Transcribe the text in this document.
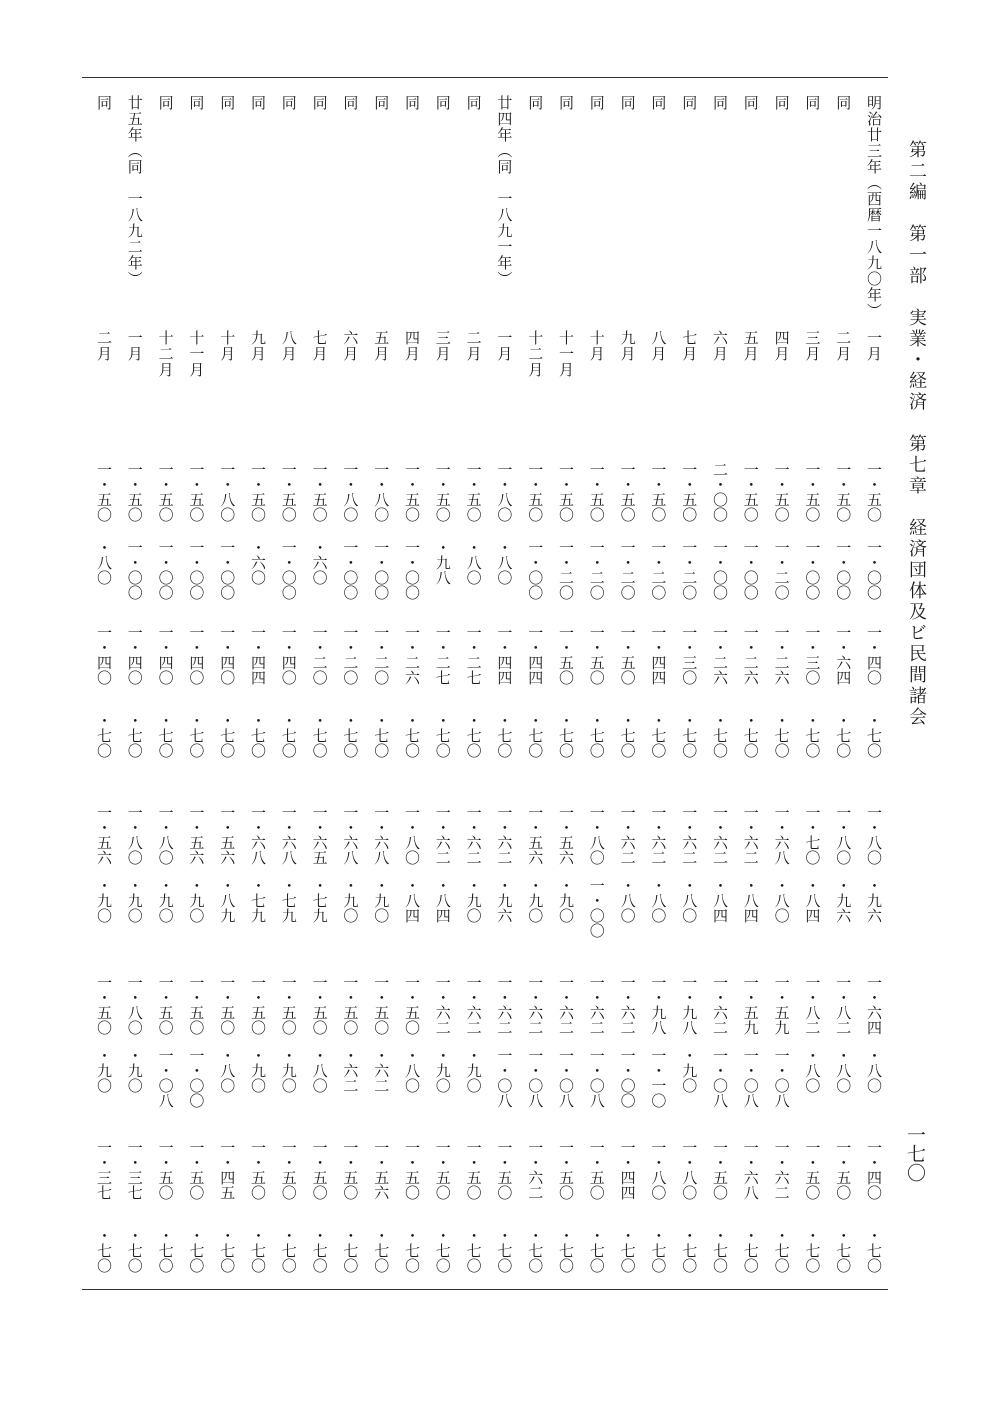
第二編　第一部　実業・経済　第七章　経済団体及ビ民間諸会
一七〇
明治廿三年（西暦一八九〇年）
一月
一・五〇
一・〇〇
一・四〇
・七〇
一・八〇
・九六
一・六四
・八〇
一・四〇
・七〇
同
二月
一・五〇
一・〇〇
一・六四
・七〇
一・八〇
・九六
一・八二
・八〇
一・五〇
・七〇
同
三月
一・五〇
一・〇〇
一・三〇
・七〇
一・七〇
・八四
一・八二
・八〇
一・五〇
・七〇
同
四月
一・五〇
一・二〇
一・二六
・七〇
一・六八
・八〇
一・五九
一・〇八
一・六二
・七〇
同
五月
一・五〇
一・〇〇
一・二六
・七〇
一・六二
・八四
一・五九
一・〇八
一・六八
・七〇
同
六月
二・〇〇
一・〇〇
一・二六
・七〇
一・六二
・八四
一・六二
一・〇八
一・五〇
・七〇
同
七月
一・五〇
一・二〇
一・三〇
・七〇
一・六二
・八〇
一・九八
・九〇
一・八〇
・七〇
同
八月
一・五〇
一・二〇
一・四四
・七〇
一・六二
・八〇
一・九八
一・一〇
一・八〇
・七〇
同
九月
一・五〇
一・二〇
一・五〇
・七〇
一・六二
・八〇
一・六二
一・〇〇
一・四四
・七〇
同
十月
一・五〇
一・二〇
一・五〇
・七〇
一・八〇
一・〇〇
一・六二
一・〇八
一・五〇
・七〇
同
十一月
一・五〇
一・二〇
一・五〇
・七〇
一・五六
・九〇
一・六二
一・〇八
一・五〇
・七〇
同
十二月
一・五〇
一・〇〇
一・四四
・七〇
一・五六
・九〇
一・六二
一・〇八
一・六二
・七〇
廿四年（同　一八九一年）
一月
一・八〇
・八〇
一・四四
・七〇
一・六二
・九六
一・六二
一・〇八
一・五〇
・七〇
同
二月
一・五〇
・八〇
一・二七
・七〇
一・六二
・九〇
一・六二
・九〇
一・五〇
・七〇
同
三月
一・五〇
・九八
一・二七
・七〇
一・六二
・八四
一・六二
・九〇
一・五〇
・七〇
同
四月
一・五〇
一・〇〇
一・二六
・七〇
一・八〇
・八四
一・五〇
・八〇
一・五〇
・七〇
同
五月
一・八〇
一・〇〇
一・二〇
・七〇
一・六八
・九〇
一・五〇
・六二
一・五六
・七〇
同
六月
一・八〇
一・〇〇
一・二〇
・七〇
一・六八
・九〇
一・五〇
・六二
一・五〇
・七〇
同
七月
一・五〇
・六〇
一・二〇
・七〇
一・六五
・七九
一・五〇
・八〇
一・五〇
・七〇
同
八月
一・五〇
一・〇〇
一・四〇
・七〇
一・六八
・七九
一・五〇
・九〇
一・五〇
・七〇
同
九月
一・五〇
・六〇
一・四四
・七〇
一・六八
・七九
一・五〇
・九〇
一・五〇
・七〇
同
十月
一・八〇
一・〇〇
一・四〇
・七〇
一・五六
・八九
一・五〇
・八〇
一・四五
・七〇
同
十一月
一・五〇
一・〇〇
一・四〇
・七〇
一・五六
・九〇
一・五〇
一・〇〇
一・五〇
・七〇
同
十二月
一・五〇
一・〇〇
一・四〇
・七〇
一・八〇
・九〇
一・五〇
一・〇八
一・五〇
・七〇
廿五年（同　一八九二年）
一月
一・五〇
一・〇〇
一・四〇
・七〇
一・八〇
・九〇
一・八〇
・九〇
一・三七
・七〇
同
二月
一・五〇
・八〇
一・四〇
・七〇
一・五六
・九〇
一・五〇
・九〇
一・三七
・七〇
